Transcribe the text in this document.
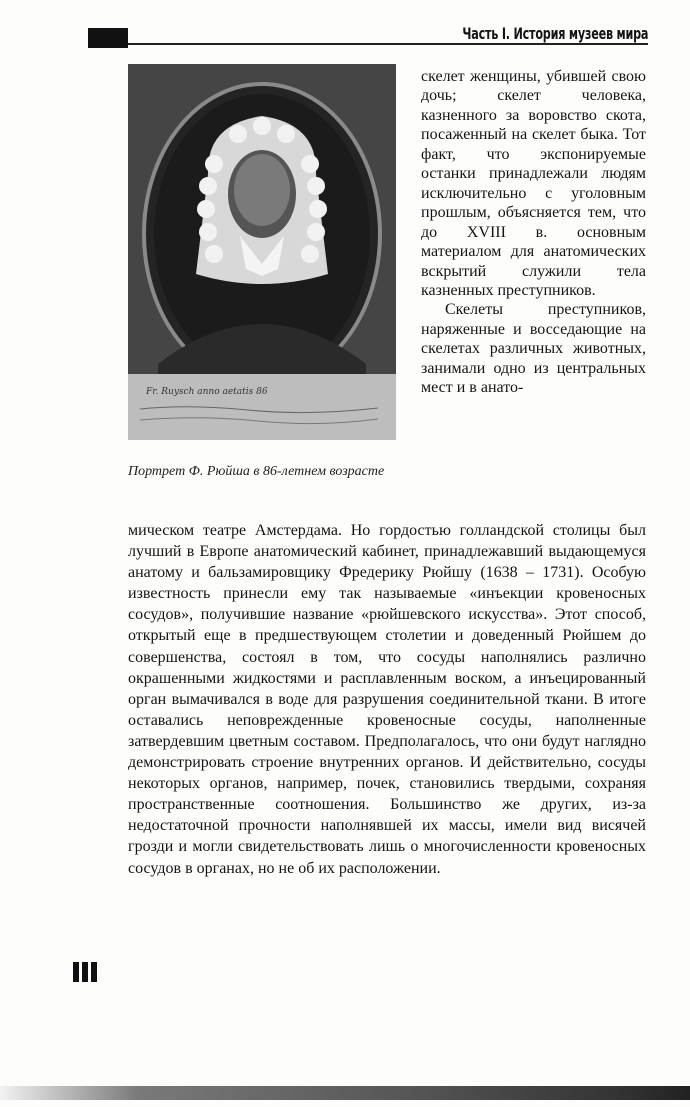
Часть I. История музеев мира
Fr. Ruysch anno aetatis 86
Портрет Ф. Рюйша в 86-летнем возрасте

скелет женщины, убившей свою дочь; скелет человека, казненного за воровство скота, посаженный на скелет быка. Тот факт, что экспонируемые останки принадлежали людям исключительно с уголовным прошлым, объясняется тем, что до XVIII в. основным материалом для анатомических вскрытий служили тела казненных преступников.

Скелеты преступников, наряженные и восседающие на скелетах различных животных, занимали одно из центральных мест и в анато-

мическом театре Амстердама. Но гордостью голландской столицы был лучший в Европе анатомический кабинет, принадлежавший выдающемуся анатому и бальзамировщику Фредерику Рюйшу (1638 – 1731). Особую известность принесли ему так называемые «инъекции кровеносных сосудов», получившие название «рюйшевского искусства». Этот способ, открытый еще в предшествующем столетии и доведенный Рюйшем до совершенства, состоял в том, что сосуды наполнялись различно окрашенными жидкостями и расплавленным воском, а инъецированный орган вымачивался в воде для разрушения соединительной ткани. В итоге оставались неповрежденные кровеносные сосуды, наполненные затвердевшим цветным составом. Предполагалось, что они будут наглядно демонстрировать строение внутренних органов. И действительно, сосуды некоторых органов, например, почек, становились твердыми, сохраняя пространственные соотношения. Большинство же других, из-за недостаточной прочности наполнявшей их массы, имели вид висячей грозди и могли свидетельствовать лишь о многочисленности кровеносных сосудов в органах, но не об их расположении.
